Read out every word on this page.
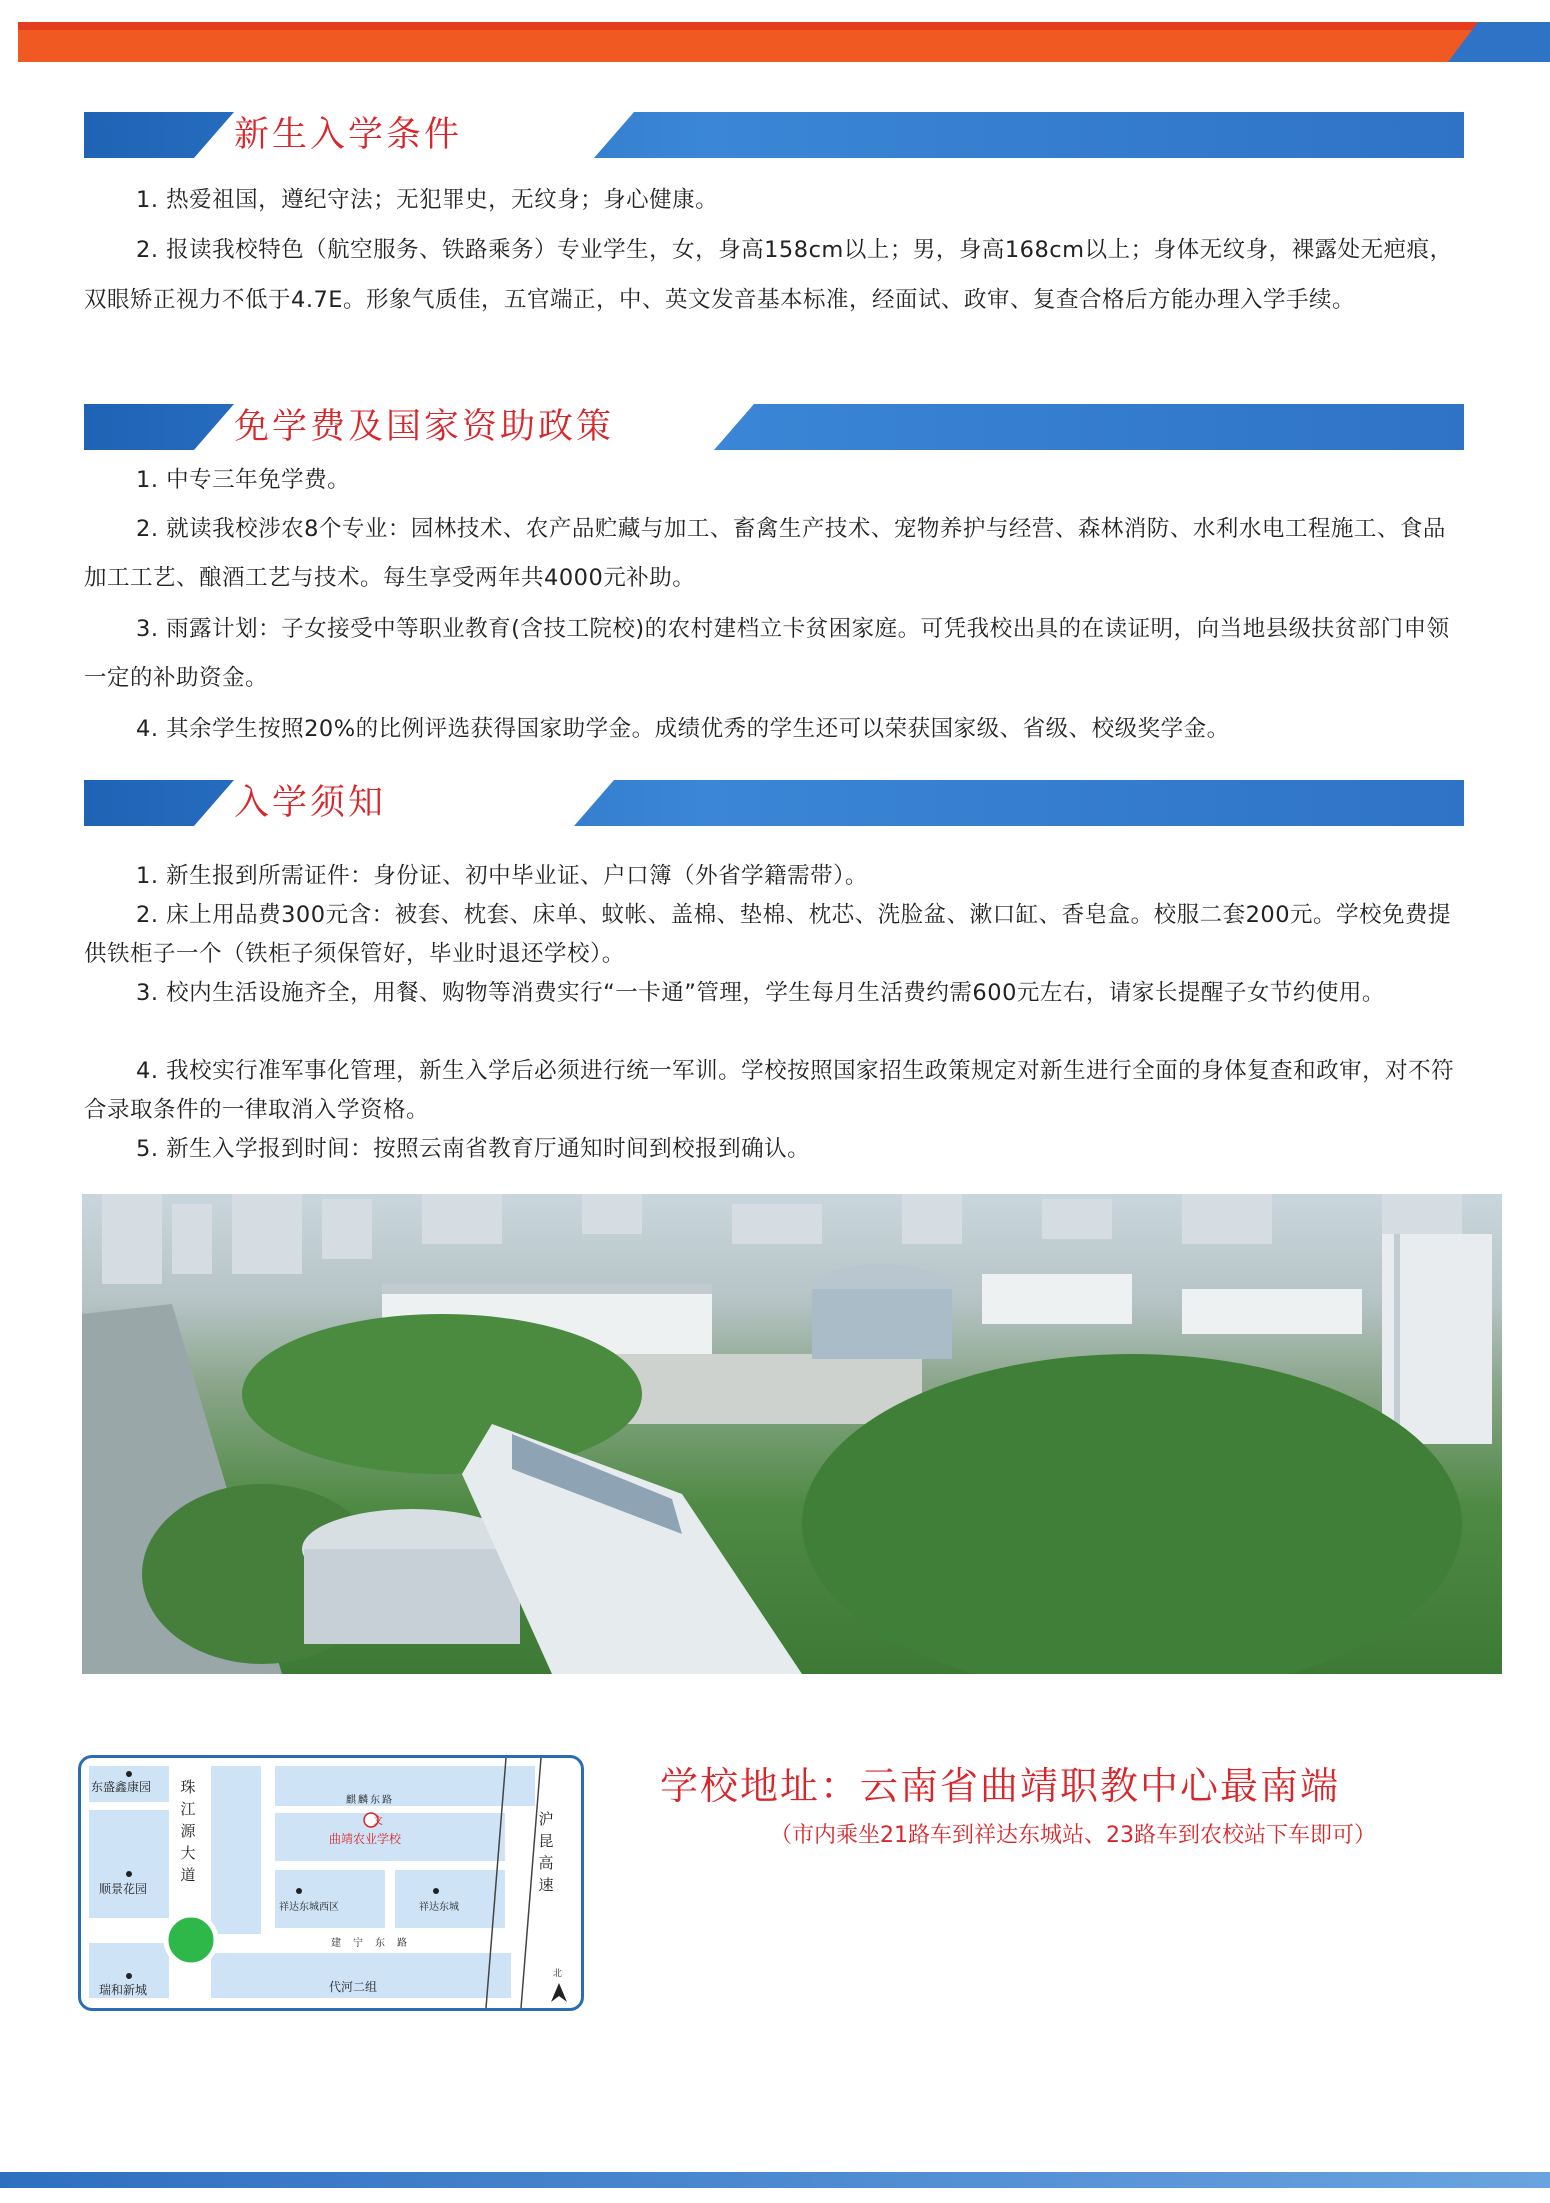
新生入学条件
1. 热爱祖国，遵纪守法；无犯罪史，无纹身；身心健康。
2. 报读我校特色（航空服务、铁路乘务）专业学生，女，身高158cm以上；男，身高168cm以上；身体无纹身，裸露处无疤痕，双眼矫正视力不低于4.7E。形象气质佳，五官端正，中、英文发音基本标准，经面试、政审、复查合格后方能办理入学手续。
免学费及国家资助政策
1. 中专三年免学费。
2. 就读我校涉农8个专业：园林技术、农产品贮藏与加工、畜禽生产技术、宠物养护与经营、森林消防、水利水电工程施工、食品加工工艺、酿酒工艺与技术。每生享受两年共4000元补助。
3. 雨露计划：子女接受中等职业教育(含技工院校)的农村建档立卡贫困家庭。可凭我校出具的在读证明，向当地县级扶贫部门申领一定的补助资金。
4. 其余学生按照20%的比例评选获得国家助学金。成绩优秀的学生还可以荣获国家级、省级、校级奖学金。
入学须知
1. 新生报到所需证件：身份证、初中毕业证、户口簿（外省学籍需带）。
2. 床上用品费300元含：被套、枕套、床单、蚊帐、盖棉、垫棉、枕芯、洗脸盆、漱口缸、香皂盒。校服二套200元。学校免费提供铁柜子一个（铁柜子须保管好，毕业时退还学校）。
3. 校内生活设施齐全，用餐、购物等消费实行“一卡通”管理，学生每月生活费约需600元左右，请家长提醒子女节约使用。
4. 我校实行准军事化管理，新生入学后必须进行统一军训。学校按照国家招生政策规定对新生进行全面的身体复查和政审，对不符合录取条件的一律取消入学资格。
5. 新生入学报到时间：按照云南省教育厅通知时间到校报到确认。
东盛鑫康园
顺景花园
瑞和新城	代河二组
文
曲靖农业学校
祥达东城西区	祥达东城
麒麟东路
建宁东路
珠江源大道
沪昆高速
北
学校地址：云南省曲靖职教中心最南端
（市内乘坐21路车到祥达东城站、23路车到农校站下车即可）
